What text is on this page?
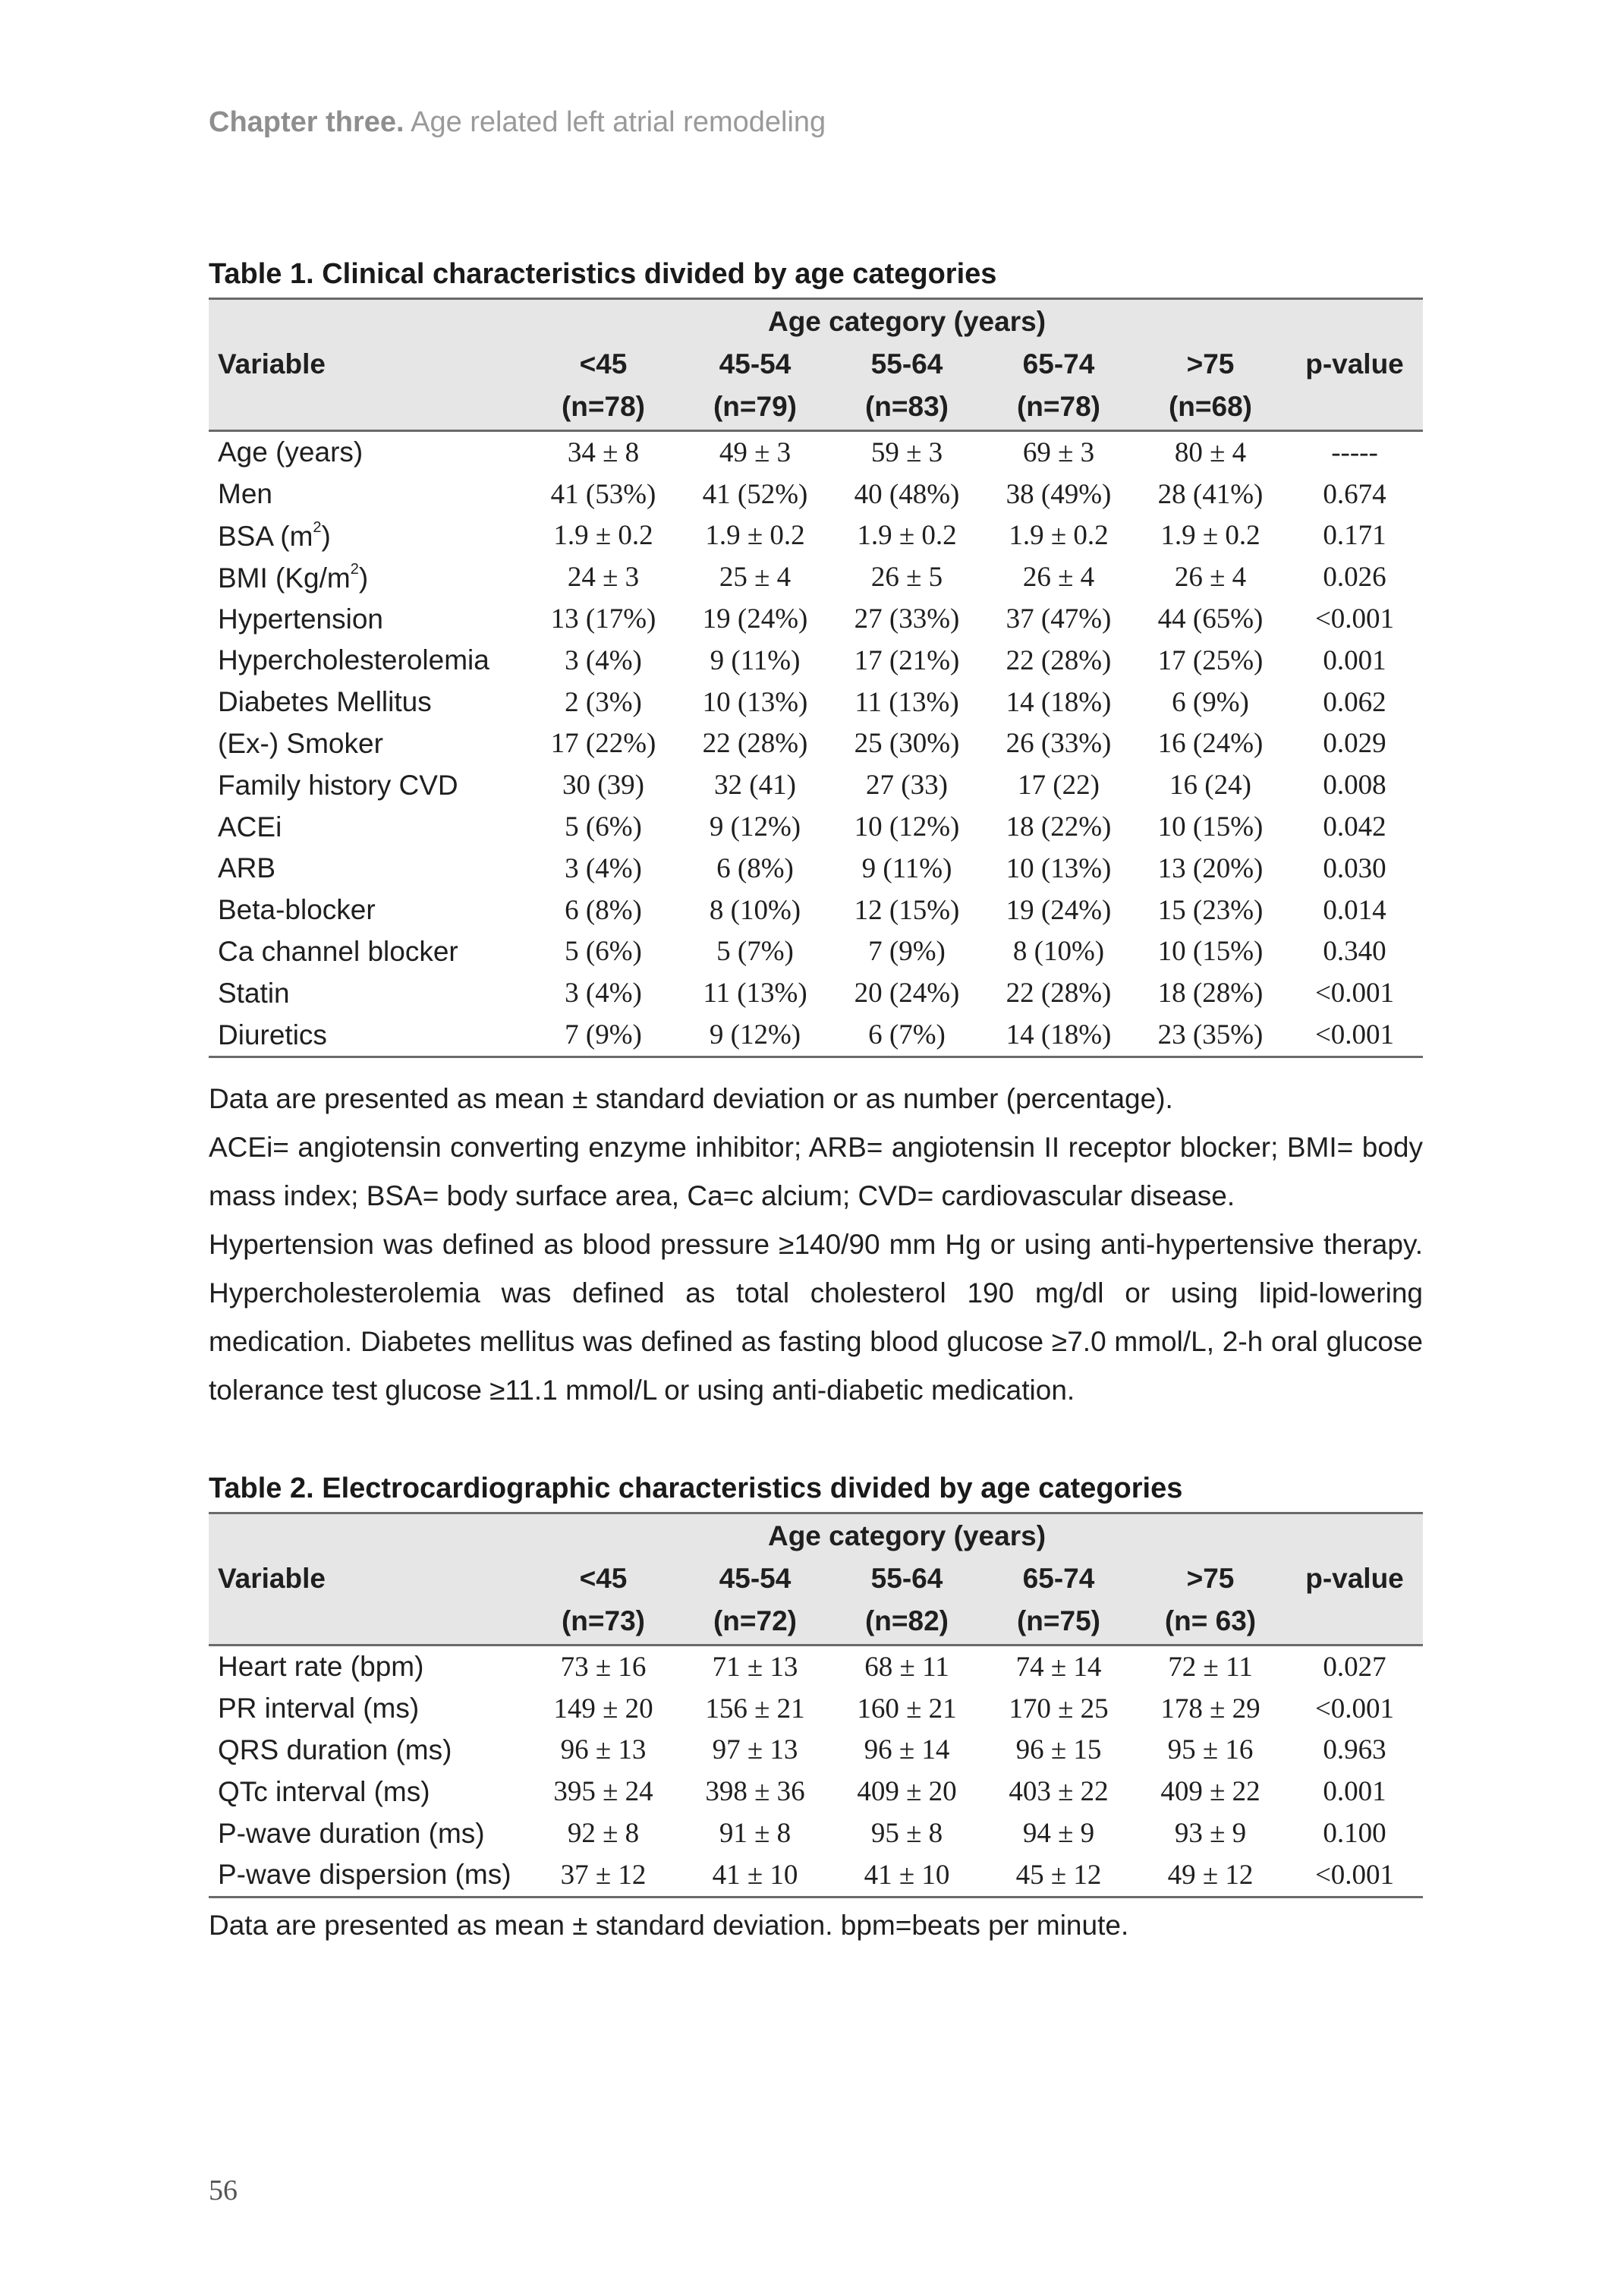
Chapter three. Age related left atrial remodeling
Table 1. Clinical characteristics divided by age categories
	Age category (years)					
Variable	<45	45-54	55-64	65-74	>75	p-value
	(n=78)	(n=79)	(n=83)	(n=78)	(n=68)	
Age (years)	34 ± 8	49 ± 3	59 ± 3	69 ± 3	80 ± 4	-----
Men	41 (53%)	41 (52%)	40 (48%)	38 (49%)	28 (41%)	0.674
BSA $(m^2)$	1.9 ± 0.2	1.9 ± 0.2	1.9 ± 0.2	1.9 ± 0.2	1.9 ± 0.2	0.171
BMI $(Kg/m^2)$	24 ± 3	25 ± 4	26 ± 5	26 ± 4	26 ± 4	0.026
Hypertension	13 (17%)	19 (24%)	27 (33%)	37 (47%)	44 (65%)	<0.001
Hypercholesterolemia	3 (4%)	9 (11%)	17 (21%)	22 (28%)	17 (25%)	0.001
Diabetes Mellitus	2 (3%)	10 (13%)	11 (13%)	14 (18%)	6 (9%)	0.062
(Ex-) Smoker	17 (22%)	22 (28%)	25 (30%)	26 (33%)	16 (24%)	0.029
Family history CVD	30 (39)	32 (41)	27 (33)	17 (22)	16 (24)	0.008
ACEi	5 (6%)	9 (12%)	10 (12%)	18 (22%)	10 (15%)	0.042
ARB	3 (4%)	6 (8%)	9 (11%)	10 (13%)	13 (20%)	0.030
Beta-blocker	6 (8%)	8 (10%)	12 (15%)	19 (24%)	15 (23%)	0.014
Ca channel blocker	5 (6%)	5 (7%)	7 (9%)	8 (10%)	10 (15%)	0.340
Statin	3 (4%)	11 (13%)	20 (24%)	22 (28%)	18 (28%)	<0.001
Diuretics	7 (9%)	9 (12%)	6 (7%)	14 (18%)	23 (35%)	<0.001

Data are presented as mean ± standard deviation or as number (percentage).

ACEi= angiotensin converting enzyme inhibitor; ARB= angiotensin II receptor blocker; BMI= body mass index; BSA= body surface area, Ca=c alcium; CVD= cardiovascular disease.

Hypertension was defined as blood pressure ≥140/90 mm Hg or using anti-hypertensive therapy. Hypercholesterolemia was defined as total cholesterol 190 mg/dl or using lipid-lowering medication. Diabetes mellitus was defined as fasting blood glucose ≥7.0 mmol/L, 2-h oral glucose tolerance test glucose ≥11.1 mmol/L or using anti-diabetic medication.

Table 2. Electrocardiographic characteristics divided by age categories
	Age category (years)					
Variable	<45	45-54	55-64	65-74	>75	p-value
	(n=73)	(n=72)	(n=82)	(n=75)	(n= 63)	
Heart rate (bpm)	73 ± 16	71 ± 13	68 ± 11	74 ± 14	72 ± 11	0.027
PR interval (ms)	149 ± 20	156 ± 21	160 ± 21	170 ± 25	178 ± 29	<0.001
QRS duration (ms)	96 ± 13	97 ± 13	96 ± 14	96 ± 15	95 ± 16	0.963
QTc interval (ms)	395 ± 24	398 ± 36	409 ± 20	403 ± 22	409 ± 22	0.001
P-wave duration (ms)	92 ± 8	91 ± 8	95 ± 8	94 ± 9	93 ± 9	0.100
P-wave dispersion (ms)	37 ± 12	41 ± 10	41 ± 10	45 ± 12	49 ± 12	<0.001

Data are presented as mean ± standard deviation. bpm=beats per minute.

56
